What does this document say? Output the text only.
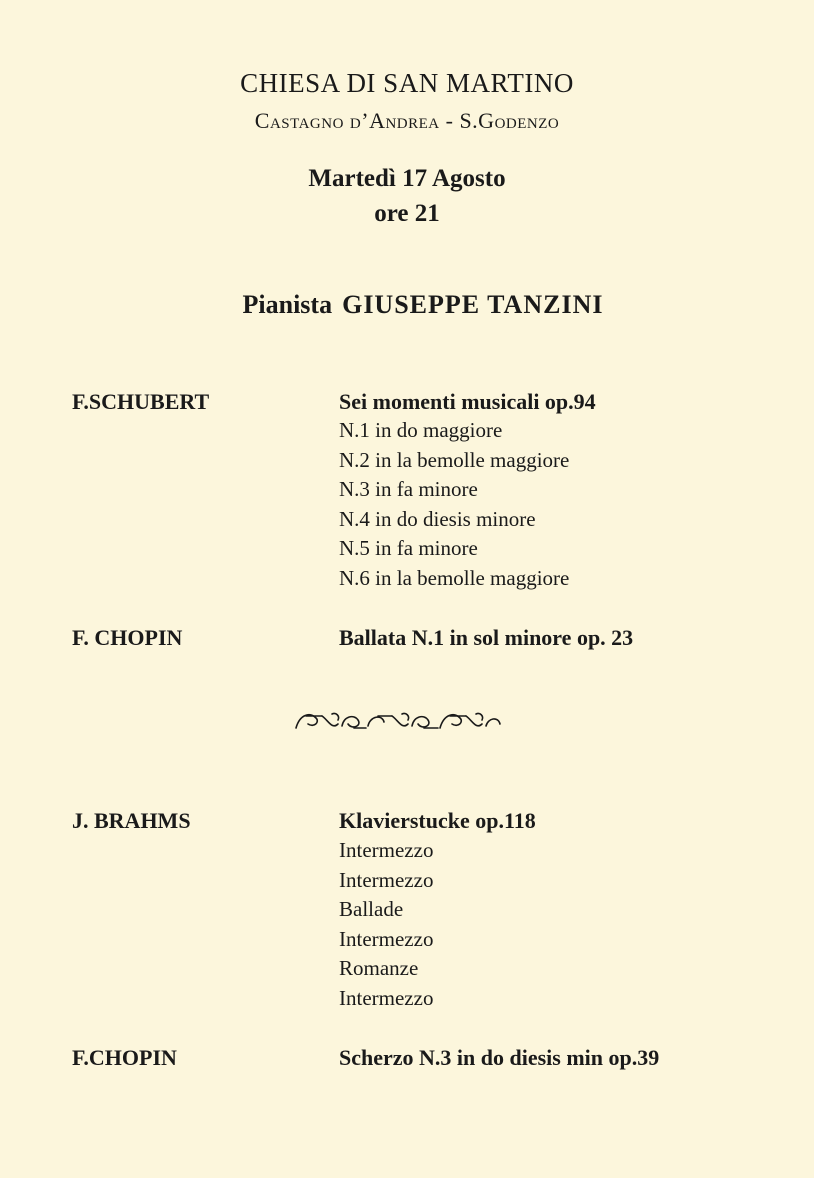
CHIESA DI SAN MARTINO
Castagno d’Andrea - S.Godenzo
Martedì 17 Agosto
ore 21
Pianista GIUSEPPE TANZINI
F.SCHUBERT	Sei momenti musicali op.94
N.1 in do maggiore
N.2 in la bemolle maggiore
N.3 in fa minore
N.4 in do diesis minore
N.5 in fa minore
N.6 in la bemolle maggiore
F. CHOPIN	Ballata N.1 in sol minore op. 23
J. BRAHMS	Klavierstucke op.118
Intermezzo
Intermezzo
Ballade
Intermezzo
Romanze
Intermezzo
F.CHOPIN	Scherzo N.3 in do diesis min op.39
